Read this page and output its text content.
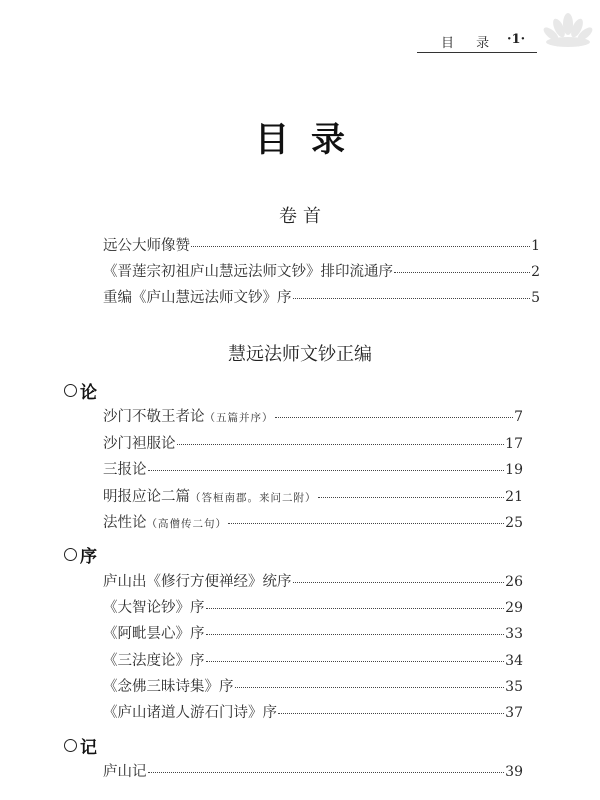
目 录 ·1·
目录
卷首
远公大师像赞	1
《晋莲宗初祖庐山慧远法师文钞》排印流通序	2
重编《庐山慧远法师文钞》序	5
慧远法师文钞正编
论
沙门不敬王者论 （五篇并序）	7
沙门袒服论	17
三报论	19
明报应论二篇 （答桓南郡。来问二附）	21
法性论 （高僧传二句）	25
序
庐山出《修行方便禅经》统序	26
《大智论钞》序	29
《阿毗昙心》序	33
《三法度论》序	34
《念佛三昧诗集》序	35
《庐山诸道人游石门诗》序	37
记
庐山记	39
